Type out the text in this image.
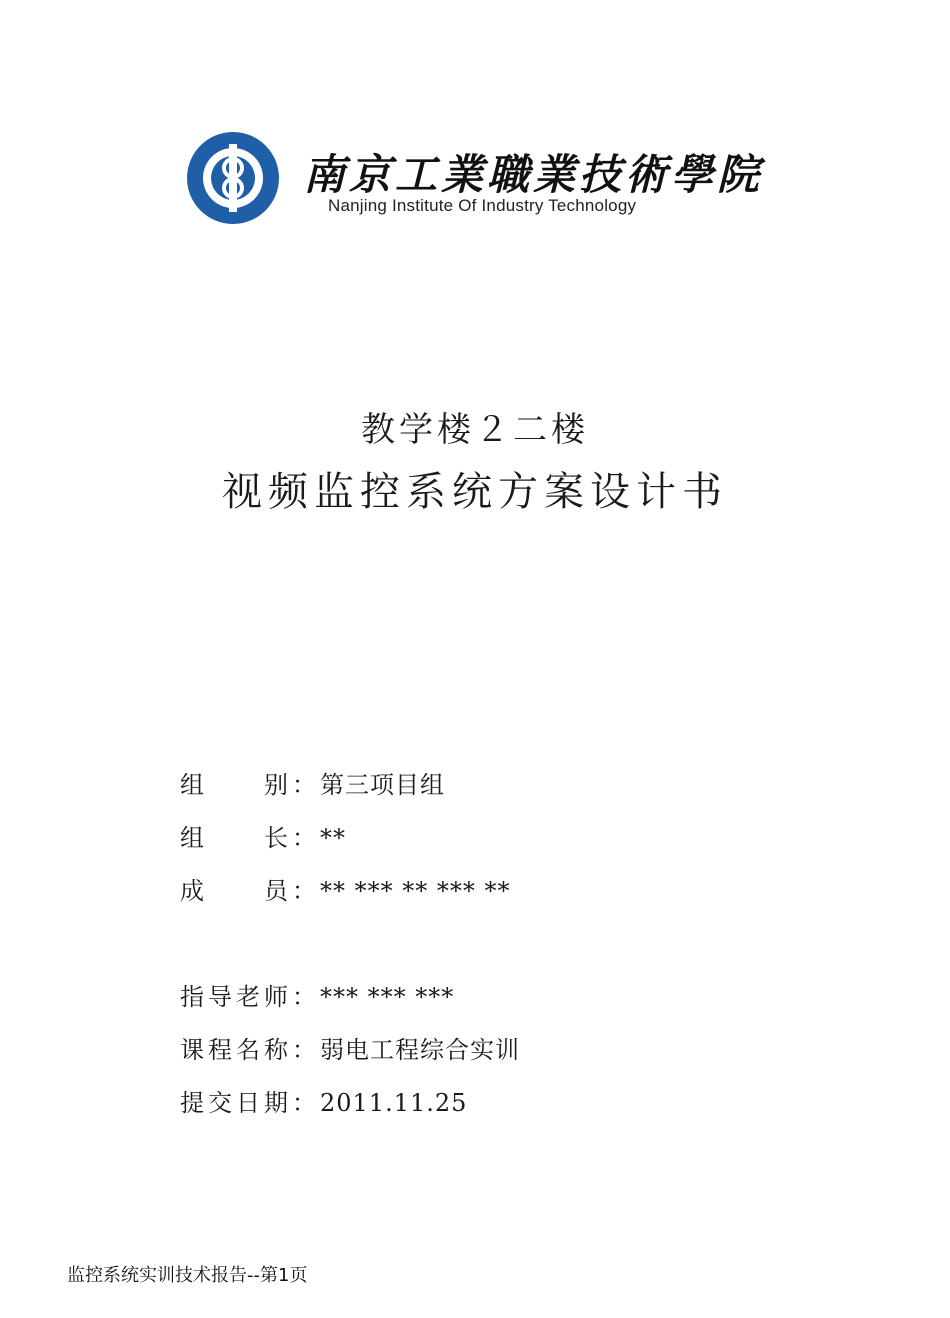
南京工業職業技術學院
Nanjing Institute Of Industry Technology
教学楼２二楼
视频监控系统方案设计书
组　　别：第三项目组
组　　长：**
成　　员：** *** ** *** **
指导老师：*** *** ***
课程名称：弱电工程综合实训
提交日期：2011.11.25
监控系统实训技术报告--第1页
